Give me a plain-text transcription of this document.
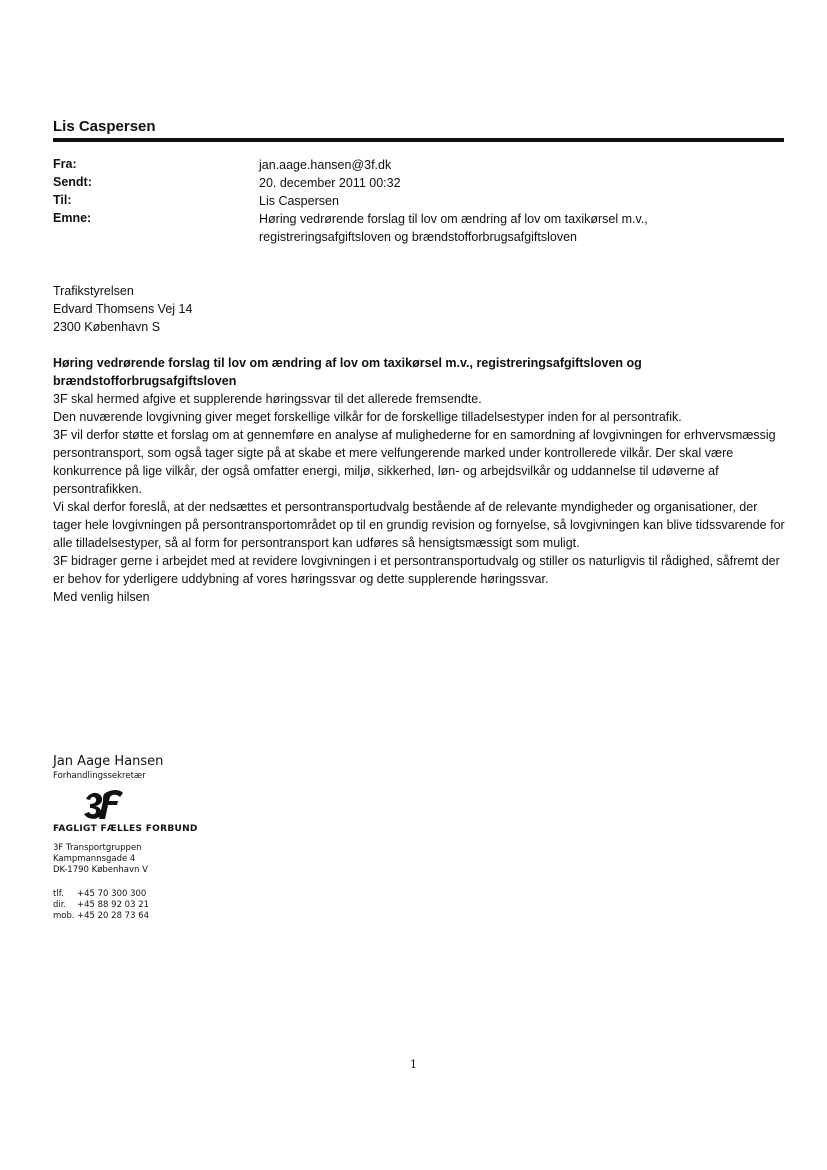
Lis Caspersen
Fra:	jan.aage.hansen@3f.dk
Sendt:	20. december 2011 00:32
Til:	Lis Caspersen
Emne:	Høring vedrørende forslag til lov om ændring af lov om taxikørsel m.v., registreringsafgiftsloven og brændstofforbrugsafgiftsloven
Trafikstyrelsen
Edvard Thomsens Vej 14
2300 København S

Høring vedrørende forslag til lov om ændring af lov om taxikørsel m.v., registreringsafgiftsloven og brændstofforbrugsafgiftsloven

3F skal hermed afgive et supplerende høringssvar til det allerede fremsendte.

Den nuværende lovgivning giver meget forskellige vilkår for de forskellige tilladelsestyper inden for al persontrafik.

3F vil derfor støtte et forslag om at gennemføre en analyse af mulighederne for en samordning af lovgivningen for erhvervsmæssig persontransport, som også tager sigte på at skabe et mere velfungerende marked under kontrollerede vilkår. Der skal være konkurrence på lige vilkår, der også omfatter energi, miljø, sikkerhed, løn- og arbejdsvilkår og uddannelse til udøverne af persontrafikken.

Vi skal derfor foreslå, at der nedsættes et persontransportudvalg bestående af de relevante myndigheder og organisationer, der tager hele lovgivningen på persontransportområdet op til en grundig revision og fornyelse, så lovgivningen kan blive tidssvarende for alle tilladelsestyper, så al form for persontransport kan udføres så hensigtsmæssigt som muligt.

3F bidrager gerne i arbejdet med at revidere lovgivningen i et persontransportudvalg og stiller os naturligvis til rådighed, såfremt der er behov for yderligere uddybning af vores høringssvar og dette supplerende høringssvar.

Med venlig hilsen

Jan Aage Hansen
Forhandlingssekretær
FAGLIGT FÆLLES FORBUND
3F Transportgruppen
Kampmannsgade 4
DK-1790 København V
tlf. +45 70 300 300
dir. +45 88 92 03 21
mob. +45 20 28 73 64
1
